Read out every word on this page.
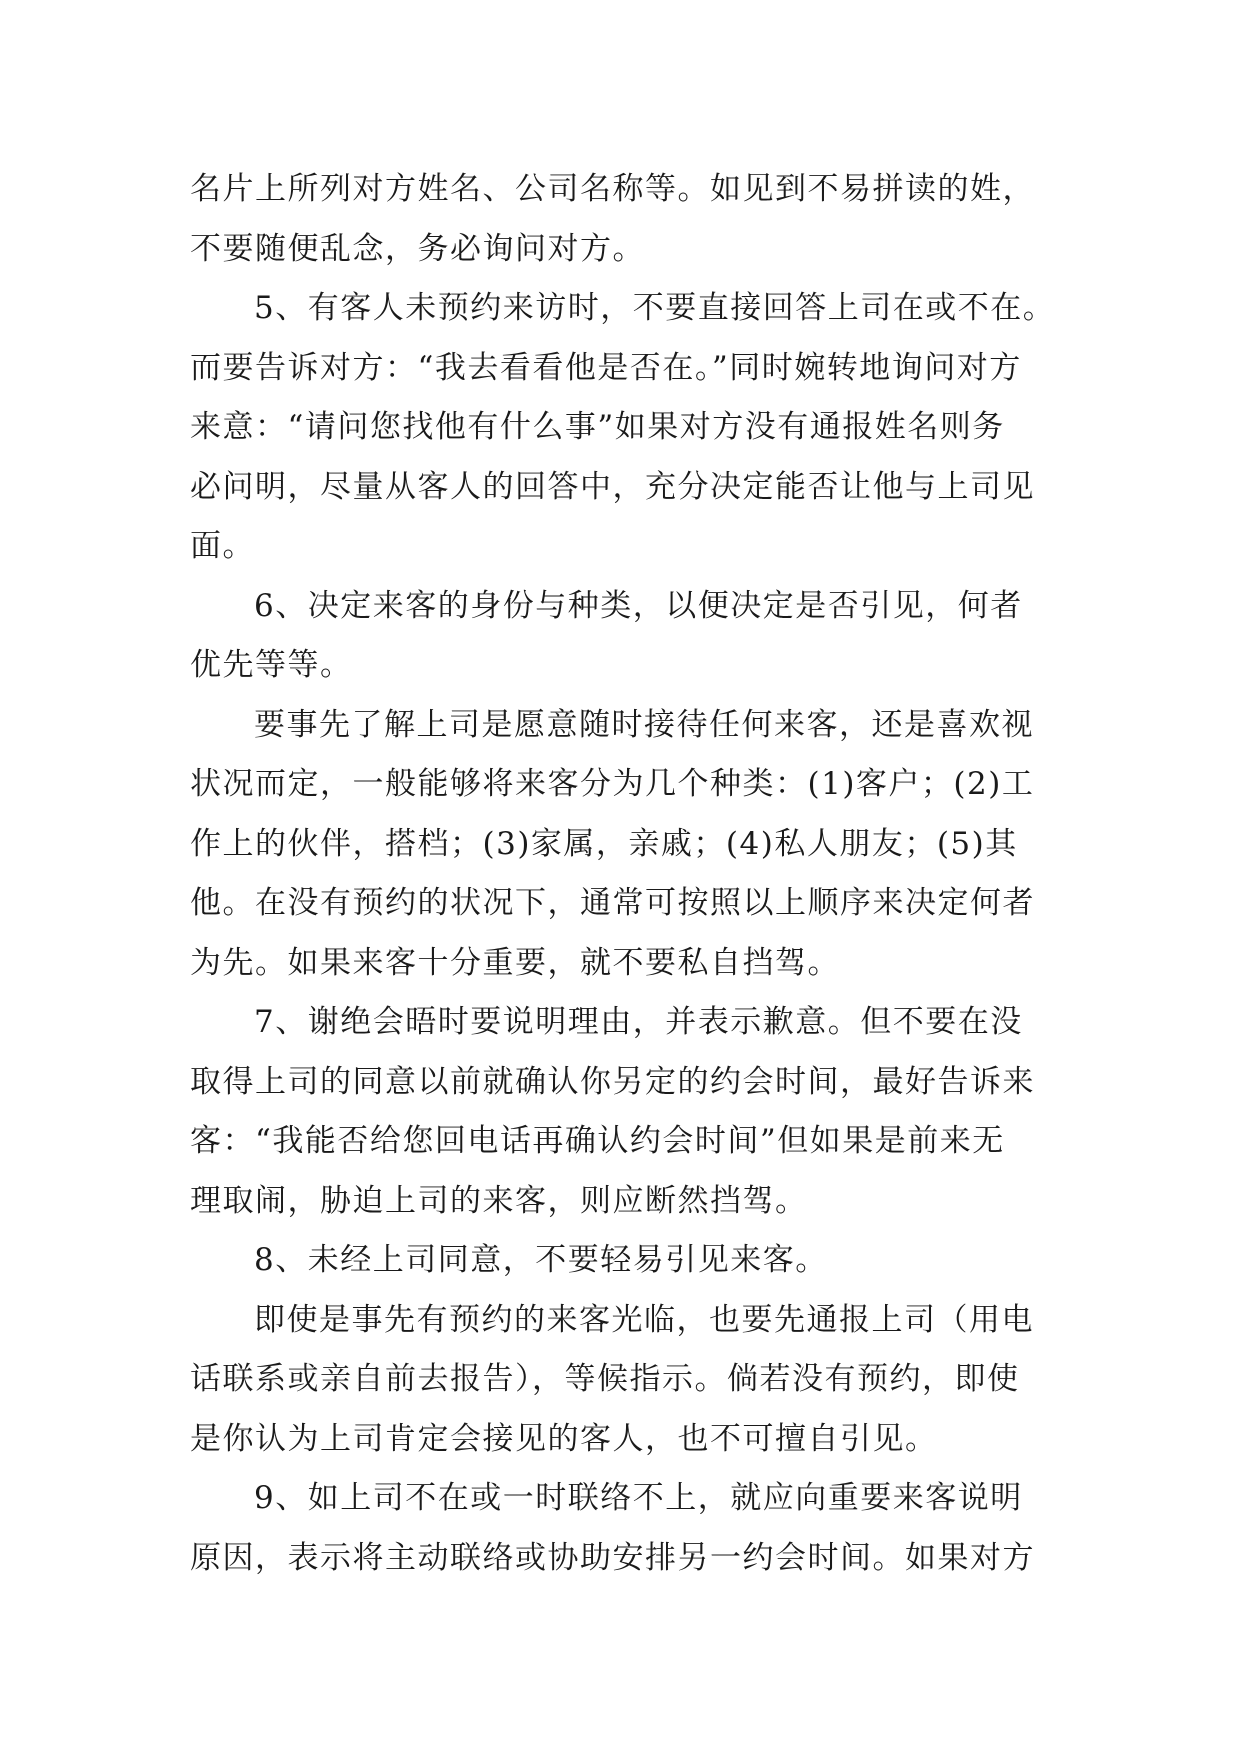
名片上所列对方姓名、公司名称等。如见到不易拼读的姓，
不要随便乱念，务必询问对方。
5、有客人未预约来访时，不要直接回答上司在或不在。
而要告诉对方：“我去看看他是否在。”同时婉转地询问对方
来意：“请问您找他有什么事”如果对方没有通报姓名则务
必问明，尽量从客人的回答中，充分决定能否让他与上司见
面。
6、决定来客的身份与种类，以便决定是否引见，何者
优先等等。
要事先了解上司是愿意随时接待任何来客，还是喜欢视
状况而定，一般能够将来客分为几个种类：(1)客户；(2)工
作上的伙伴，搭档；(3)家属，亲戚；(4)私人朋友；(5)其
他。在没有预约的状况下，通常可按照以上顺序来决定何者
为先。如果来客十分重要，就不要私自挡驾。
7、谢绝会晤时要说明理由，并表示歉意。但不要在没
取得上司的同意以前就确认你另定的约会时间，最好告诉来
客：“我能否给您回电话再确认约会时间”但如果是前来无
理取闹，胁迫上司的来客，则应断然挡驾。
8、未经上司同意，不要轻易引见来客。
即使是事先有预约的来客光临，也要先通报上司（用电
话联系或亲自前去报告），等候指示。倘若没有预约，即使
是你认为上司肯定会接见的客人，也不可擅自引见。
9、如上司不在或一时联络不上，就应向重要来客说明
原因，表示将主动联络或协助安排另一约会时间。如果对方
